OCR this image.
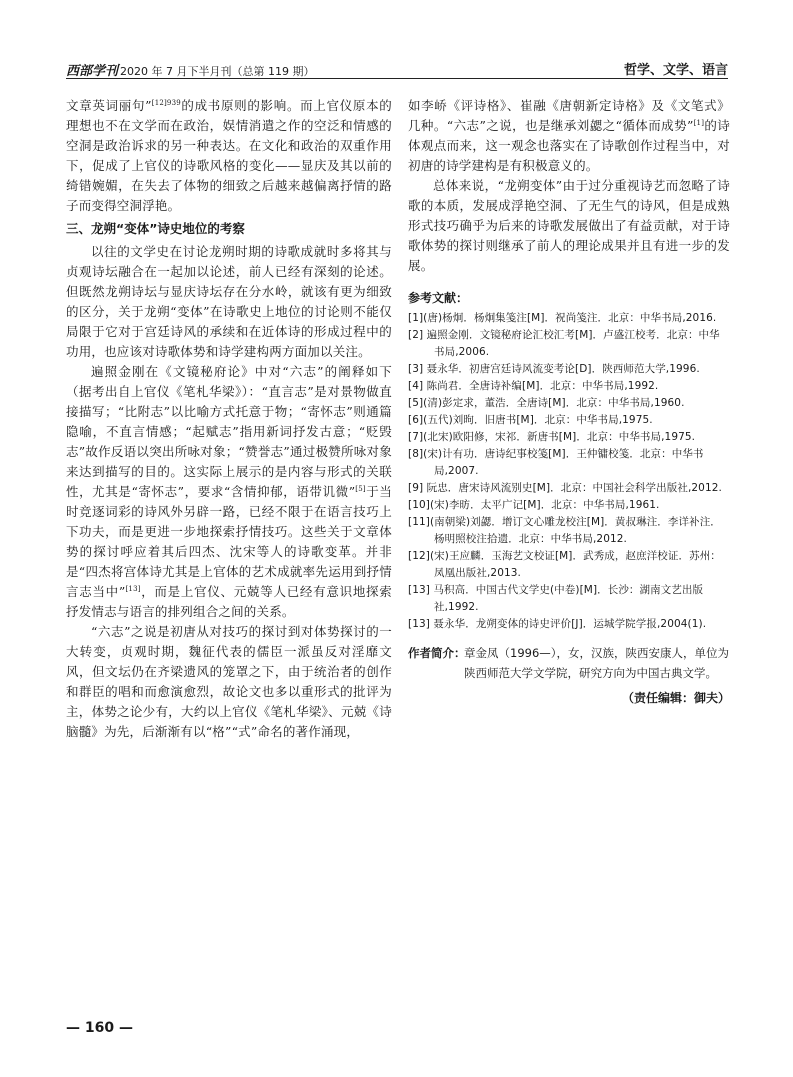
西部学刊 2020 年 7 月下半月刊（总第 119 期）	哲学、文学、语言

文章英词丽句”$^{[12]939}$的成书原则的影响。而上官仪原本的理想也不在文学而在政治，娱情消遣之作的空泛和情感的空洞是政治诉求的另一种表达。在文化和政治的双重作用下，促成了上官仪的诗歌风格的变化——显庆及其以前的绮错婉媚，在失去了体物的细致之后越来越偏离抒情的路子而变得空洞浮艳。

三、龙朔“变体”诗史地位的考察

以往的文学史在讨论龙朔时期的诗歌成就时多将其与贞观诗坛融合在一起加以论述，前人已经有深刻的论述。但既然龙朔诗坛与显庆诗坛存在分水岭，就该有更为细致的区分，关于龙朔“变体”在诗歌史上地位的讨论则不能仅局限于它对于宫廷诗风的承续和在近体诗的形成过程中的功用，也应该对诗歌体势和诗学建构两方面加以关注。

遍照金刚在《文镜秘府论》中对“六志”的阐释如下（据考出自上官仪《笔札华梁》）：“直言志”是对景物做直接描写；“比附志”以比喻方式托意于物；“寄怀志”则通篇隐喻，不直言情感；“起赋志”指用新词抒发古意；“贬毁志”故作反语以突出所咏对象；“赞誉志”通过极赞所咏对象来达到描写的目的。这实际上展示的是内容与形式的关联性，尤其是“寄怀志”，要求“含情抑郁，语带讥微”[5]于当时竞逐词彩的诗风外另辟一路，已经不限于在语言技巧上下功夫，而是更进一步地探索抒情技巧。这些关于文章体势的探讨呼应着其后四杰、沈宋等人的诗歌变革。并非是“四杰将宫体诗尤其是上官体的艺术成就率先运用到抒情言志当中”[13]，而是上官仪、元兢等人已经有意识地探索抒发情志与语言的排列组合之间的关系。

“六志”之说是初唐从对技巧的探讨到对体势探讨的一大转变，贞观时期，魏征代表的儒臣一派虽反对淫靡文风，但文坛仍在齐梁遗风的笼罩之下，由于统治者的创作和群臣的唱和而愈演愈烈，故论文也多以重形式的批评为主，体势之论少有，大约以上官仪《笔札华梁》、元兢《诗脑髓》为先，后渐渐有以“格”“式”命名的著作涌现，

如李峤《评诗格》、崔融《唐朝新定诗格》及《文笔式》几种。“六志”之说，也是继承刘勰之“循体而成势”[1]的诗体观点而来，这一观念也落实在了诗歌创作过程当中，对初唐的诗学建构是有积极意义的。

总体来说，“龙朔变体”由于过分重视诗艺而忽略了诗歌的本质，发展成浮艳空洞、了无生气的诗风，但是成熟形式技巧确乎为后来的诗歌发展做出了有益贡献，对于诗歌体势的探讨则继承了前人的理论成果并且有进一步的发展。

参考文献：
[1](唐)杨炯．杨炯集笺注[M]．祝尚笺注．北京：中华书局,2016.
[2] 遍照金刚．文镜秘府论汇校汇考[M]．卢盛江校考．北京：中华书局,2006.
[3] 聂永华．初唐宫廷诗风流变考论[D]．陕西师范大学,1996.
[4] 陈尚君．全唐诗补编[M]．北京：中华书局,1992.
[5](清)彭定求，董浩．全唐诗[M]．北京：中华书局,1960.
[6](五代)刘昫．旧唐书[M]．北京：中华书局,1975.
[7](北宋)欧阳修，宋祁．新唐书[M]．北京：中华书局,1975.
[8](宋)计有功．唐诗纪事校笺[M]．王仲镛校笺．北京：中华书局,2007.
[9] 阮忠．唐宋诗风流别史[M]．北京：中国社会科学出版社,2012.
[10](宋)李昉．太平广记[M]．北京：中华书局,1961.
[11](南朝梁)刘勰．增订文心雕龙校注[M]．黄叔琳注．李详补注．杨明照校注拾遗．北京：中华书局,2012.
[12](宋)王应麟．玉海艺文校证[M]．武秀成，赵庶洋校证．苏州：凤凰出版社,2013.
[13] 马积高．中国古代文学史(中卷)[M]．长沙：湖南文艺出版社,1992.
[13] 聂永华．龙朔变体的诗史评价[J]．运城学院学报,2004(1).
作者简介：
章金凤（1996—），女，汉族，陕西安康人，单位为陕西师范大学文学院，研究方向为中国古典文学。
（责任编辑：御夫）
— 160 —
